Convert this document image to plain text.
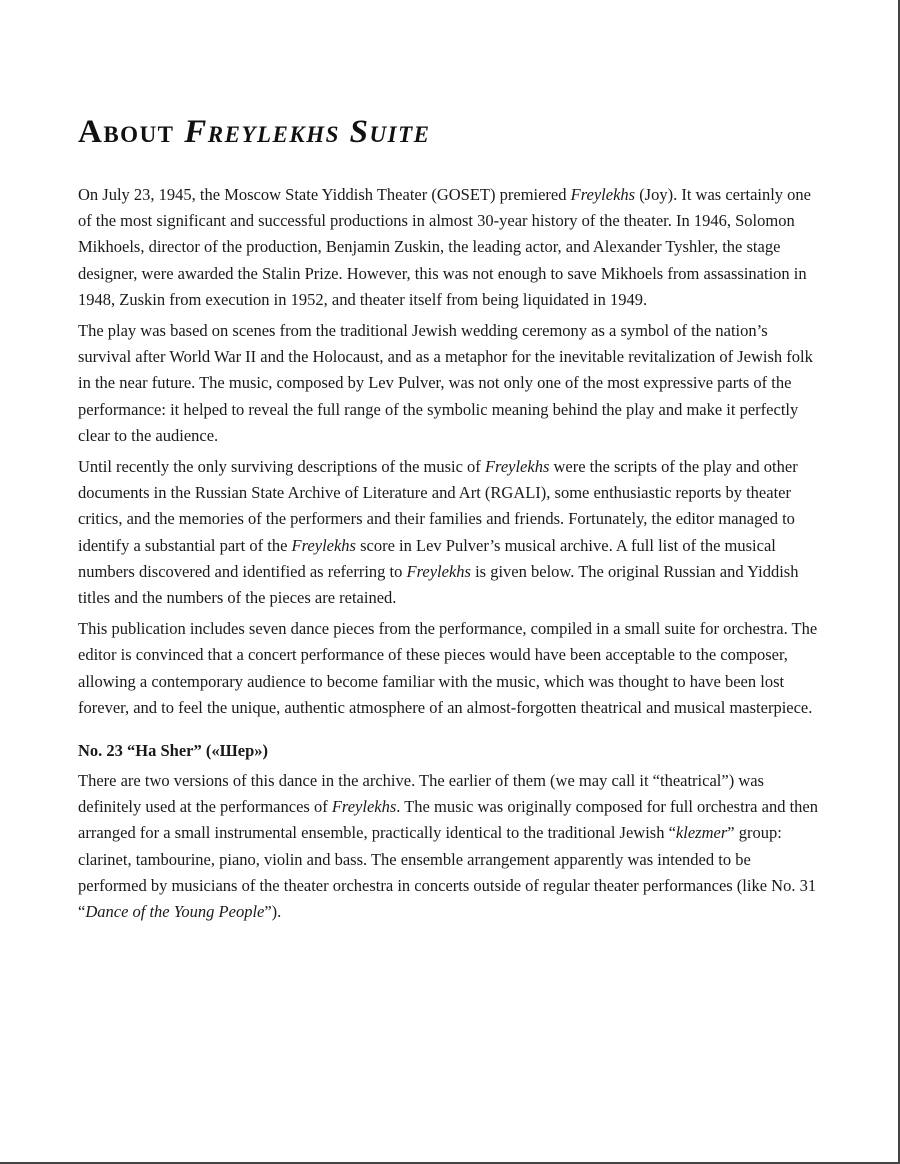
About Freylekhs Suite

On July 23, 1945, the Moscow State Yiddish Theater (GOSET) premiered Freylekhs (Joy). It was certainly one of the most significant and successful productions in almost 30-year history of the theater. In 1946, Solomon Mikhoels, director of the production, Benjamin Zuskin, the leading actor, and Alexander Tyshler, the stage designer, were awarded the Stalin Prize. However, this was not enough to save Mikhoels from assassination in 1948, Zuskin from execution in 1952, and theater itself from being liquidated in 1949.

The play was based on scenes from the traditional Jewish wedding ceremony as a symbol of the nation’s survival after World War II and the Holocaust, and as a metaphor for the inevitable revitalization of Jewish folk in the near future. The music, composed by Lev Pulver, was not only one of the most expressive parts of the performance: it helped to reveal the full range of the symbolic meaning behind the play and make it perfectly clear to the audience.

Until recently the only surviving descriptions of the music of Freylekhs were the scripts of the play and other documents in the Russian State Archive of Literature and Art (RGALI), some enthusiastic reports by theater critics, and the memories of the performers and their families and friends. Fortunately, the editor managed to identify a substantial part of the Freylekhs score in Lev Pulver’s musical archive. A full list of the musical numbers discovered and identified as referring to Freylekhs is given below. The original Russian and Yiddish titles and the numbers of the pieces are retained.

This publication includes seven dance pieces from the performance, compiled in a small suite for orchestra. The editor is convinced that a concert performance of these pieces would have been acceptable to the composer, allowing a contemporary audience to become familiar with the music, which was thought to have been lost forever, and to feel the unique, authentic atmosphere of an almost-forgotten theatrical and musical masterpiece.

No. 23 “Ha Sher” («Шер»)

There are two versions of this dance in the archive. The earlier of them (we may call it “theatrical”) was definitely used at the performances of Freylekhs. The music was originally composed for full orchestra and then arranged for a small instrumental ensemble, practically identical to the traditional Jewish “klezmer” group: clarinet, tambourine, piano, violin and bass. The ensemble arrangement apparently was intended to be performed by musicians of the theater orchestra in concerts outside of regular theater performances (like No. 31 “Dance of the Young People”).
